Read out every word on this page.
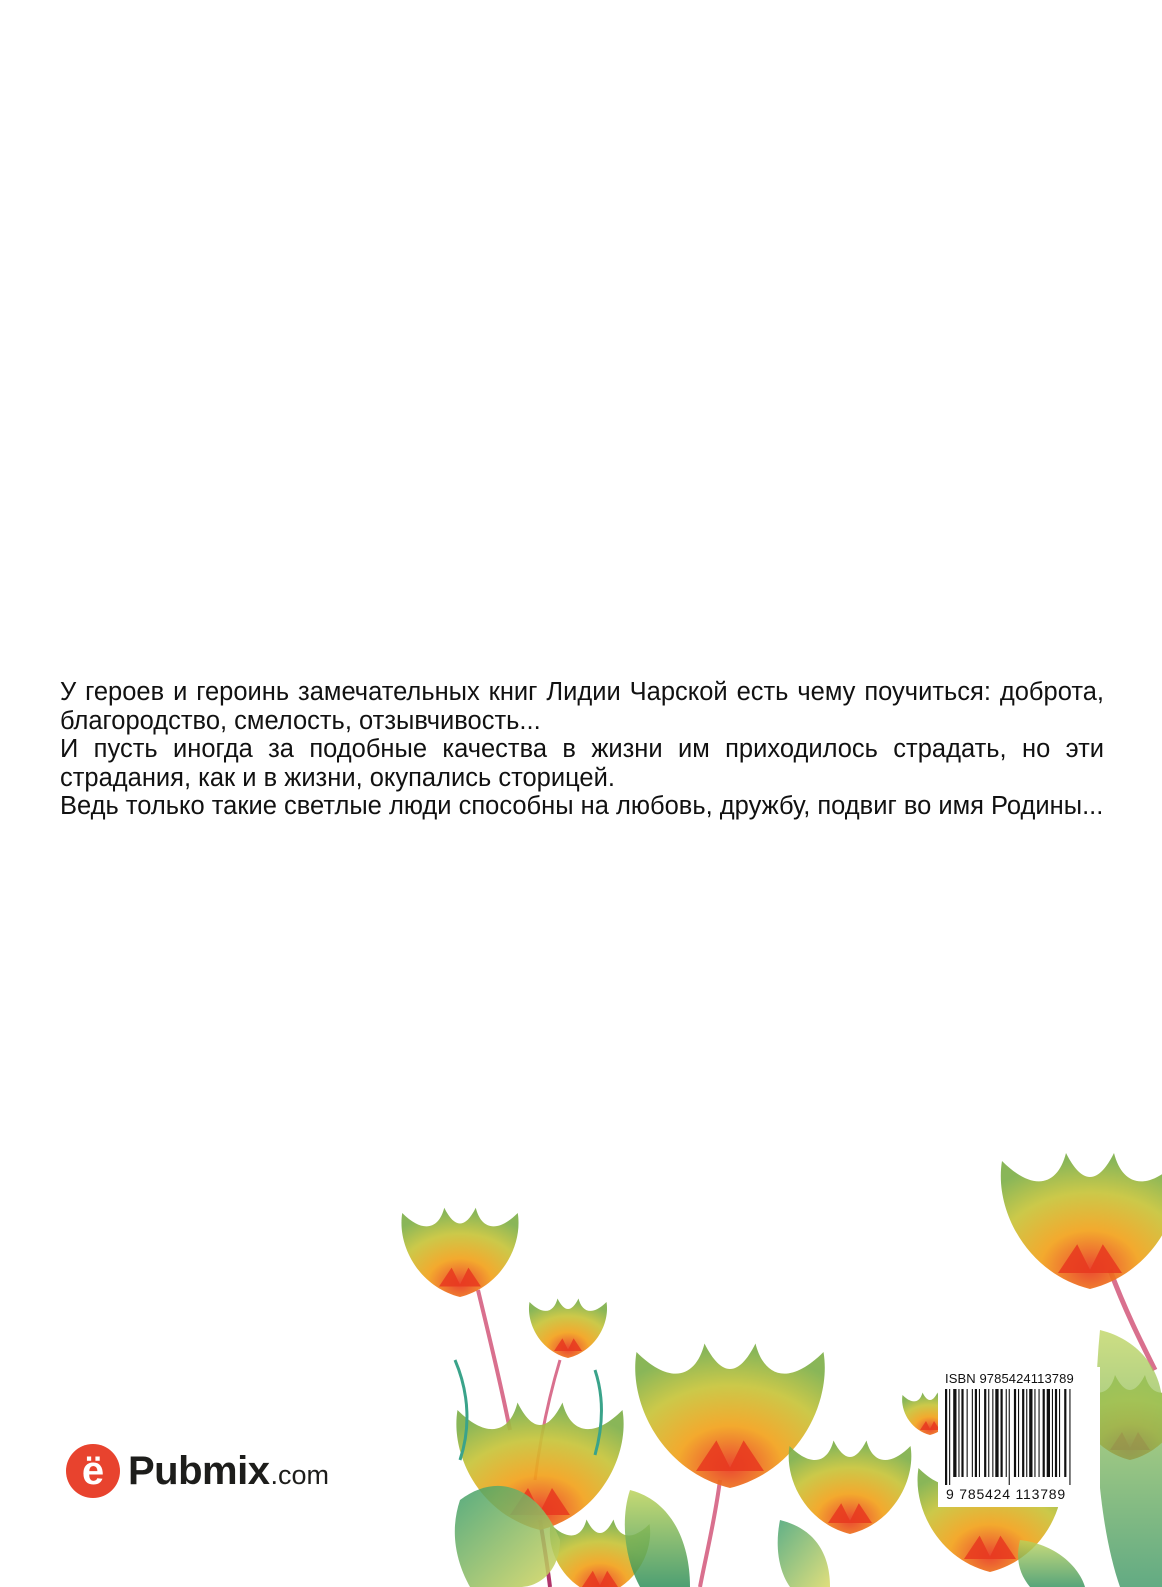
У героев и героинь замечательных книг Лидии Чарской есть чему поучиться: доброта, благородство, смелость, отзывчивость...

И пусть иногда за подобные качества в жизни им приходилось страдать, но эти страдания, как и в жизни, окупались сторицей.

Ведь только такие светлые люди способны на любовь, дружбу, подвиг во имя Родины...

ё Pubmix .com
ISBN 9785424113789
9 785424 113789
